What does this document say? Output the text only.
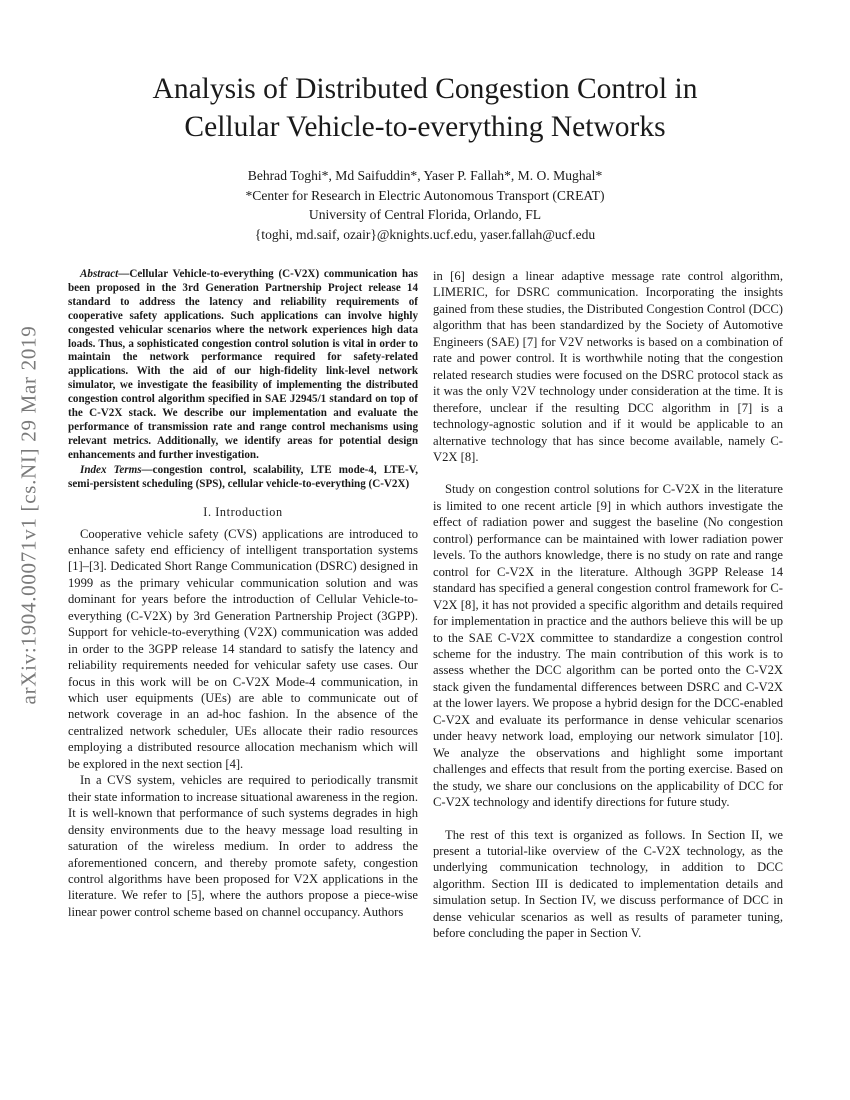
Analysis of Distributed Congestion Control in
Cellular Vehicle-to-everything Networks
Behrad Toghi*, Md Saifuddin*, Yaser P. Fallah*, M. O. Mughal*
*Center for Research in Electric Autonomous Transport (CREAT)
University of Central Florida, Orlando, FL
{toghi, md.saif, ozair}@knights.ucf.edu, yaser.fallah@ucf.edu
arXiv:1904.00071v1 [cs.NI] 29 Mar 2019

Abstract—Cellular Vehicle-to-everything (C-V2X) communication has been proposed in the 3rd Generation Partnership Project release 14 standard to address the latency and reliability requirements of cooperative safety applications. Such applications can involve highly congested vehicular scenarios where the network experiences high data loads. Thus, a sophisticated congestion control solution is vital in order to maintain the network performance required for safety-related applications. With the aid of our high-fidelity link-level network simulator, we investigate the feasibility of implementing the distributed congestion control algorithm specified in SAE J2945/1 standard on top of the C-V2X stack. We describe our implementation and evaluate the performance of transmission rate and range control mechanisms using relevant metrics. Additionally, we identify areas for potential design enhancements and further investigation.

Index Terms—congestion control, scalability, LTE mode-4, LTE-V, semi-persistent scheduling (SPS), cellular vehicle-to-everything (C-V2X)

I. Introduction

Cooperative vehicle safety (CVS) applications are introduced to enhance safety end efficiency of intelligent transportation systems [1]–[3]. Dedicated Short Range Communication (DSRC) designed in 1999 as the primary vehicular communication solution and was dominant for years before the introduction of Cellular Vehicle-to-everything (C-V2X) by 3rd Generation Partnership Project (3GPP). Support for vehicle-to-everything (V2X) communication was added in order to the 3GPP release 14 standard to satisfy the latency and reliability requirements needed for vehicular safety use cases. Our focus in this work will be on C-V2X Mode-4 communication, in which user equipments (UEs) are able to communicate out of network coverage in an ad-hoc fashion. In the absence of the centralized network scheduler, UEs allocate their radio resources employing a distributed resource allocation mechanism which will be explored in the next section [4].

In a CVS system, vehicles are required to periodically transmit their state information to increase situational awareness in the region. It is well-known that performance of such systems degrades in high density environments due to the heavy message load resulting in saturation of the wireless medium. In order to address the aforementioned concern, and thereby promote safety, congestion control algorithms have been proposed for V2X applications in the literature. We refer to [5], where the authors propose a piece-wise linear power control scheme based on channel occupancy. Authors

in [6] design a linear adaptive message rate control algorithm, LIMERIC, for DSRC communication. Incorporating the insights gained from these studies, the Distributed Congestion Control (DCC) algorithm that has been standardized by the Society of Automotive Engineers (SAE) [7] for V2V networks is based on a combination of rate and power control. It is worthwhile noting that the congestion related research studies were focused on the DSRC protocol stack as it was the only V2V technology under consideration at the time. It is therefore, unclear if the resulting DCC algorithm in [7] is a technology-agnostic solution and if it would be applicable to an alternative technology that has since become available, namely C-V2X [8].

Study on congestion control solutions for C-V2X in the literature is limited to one recent article [9] in which authors investigate the effect of radiation power and suggest the baseline (No congestion control) performance can be maintained with lower radiation power levels. To the authors knowledge, there is no study on rate and range control for C-V2X in the literature. Although 3GPP Release 14 standard has specified a general congestion control framework for C-V2X [8], it has not provided a specific algorithm and details required for implementation in practice and the authors believe this will be up to the SAE C-V2X committee to standardize a congestion control scheme for the industry. The main contribution of this work is to assess whether the DCC algorithm can be ported onto the C-V2X stack given the fundamental differences between DSRC and C-V2X at the lower layers. We propose a hybrid design for the DCC-enabled C-V2X and evaluate its performance in dense vehicular scenarios under heavy network load, employing our network simulator [10]. We analyze the observations and highlight some important challenges and effects that result from the porting exercise. Based on the study, we share our conclusions on the applicability of DCC for C-V2X technology and identify directions for future study.

The rest of this text is organized as follows. In Section II, we present a tutorial-like overview of the C-V2X technology, as the underlying communication technology, in addition to DCC algorithm. Section III is dedicated to implementation details and simulation setup. In Section IV, we discuss performance of DCC in dense vehicular scenarios as well as results of parameter tuning, before concluding the paper in Section V.
